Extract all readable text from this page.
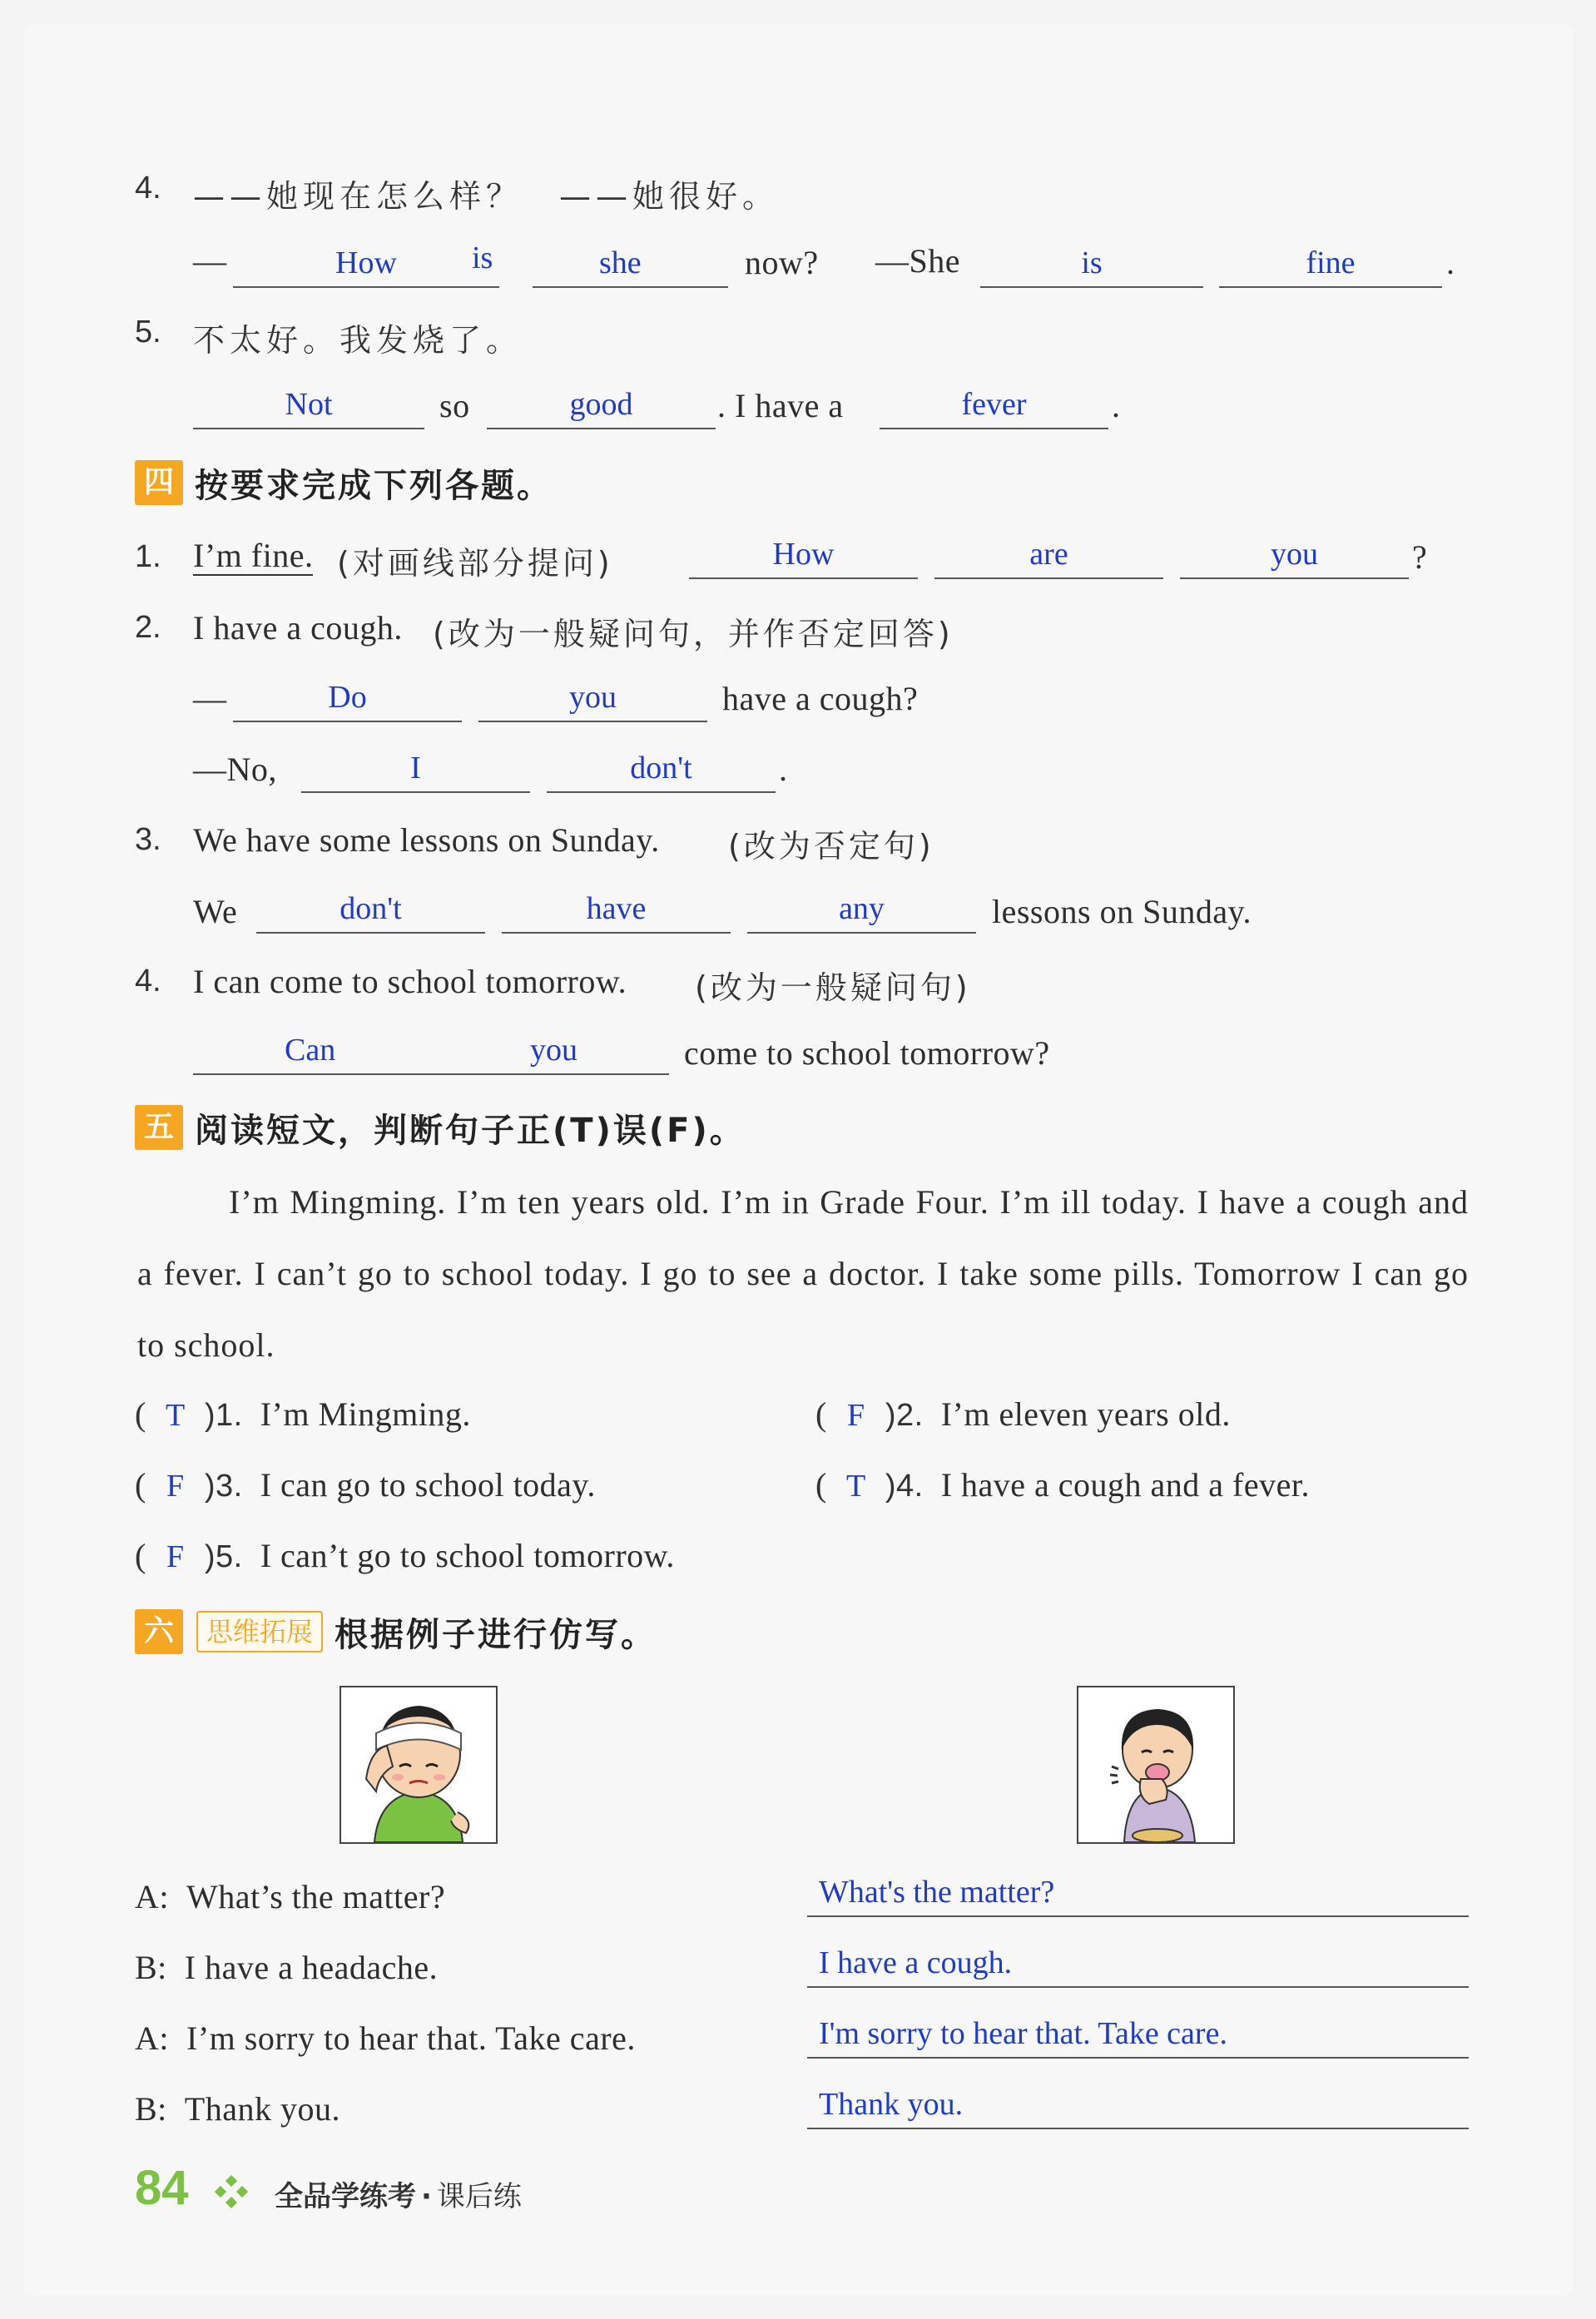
4. ——她现在怎么样？　——她很好。
—	How	is	she	now? —She	is	fine	.
5. 不太好。我发烧了。
Not	so	good	. I have a	fever	.
四 按要求完成下列各题。
1. I’m fine. (对画线部分提问)	How	are	you	?
2. I have a cough. (改为一般疑问句，并作否定回答)
—	Do	you	have a cough?
—No,	I	don't	.
3. We have some lessons on Sunday. (改为否定句)
We	don't	have	any	lessons on Sunday.
4. I can come to school tomorrow. (改为一般疑问句)
Can	you	come to school tomorrow?
五 阅读短文，判断句子正(T)误(F)。
I’m Mingming. I’m ten years old. I’m in Grade Four. I’m ill today. I have a cough and a fever. I can’t go to school today. I go to see a doctor. I take some pills. Tomorrow I can go to school.
( T )1. I’m Mingming.	( F )2. I’m eleven years old.
( F )3. I can go to school today.	( T )4. I have a cough and a fever.
( F )5. I can’t go to school tomorrow.
六	思维拓展 根据例子进行仿写。
A: What’s the matter?
B: I have a headache.
A: I’m sorry to hear that. Take care.
B: Thank you.
What's the matter?
I have a cough.
I'm sorry to hear that. Take care.
Thank you.
84	全品学练考 · 课后练
